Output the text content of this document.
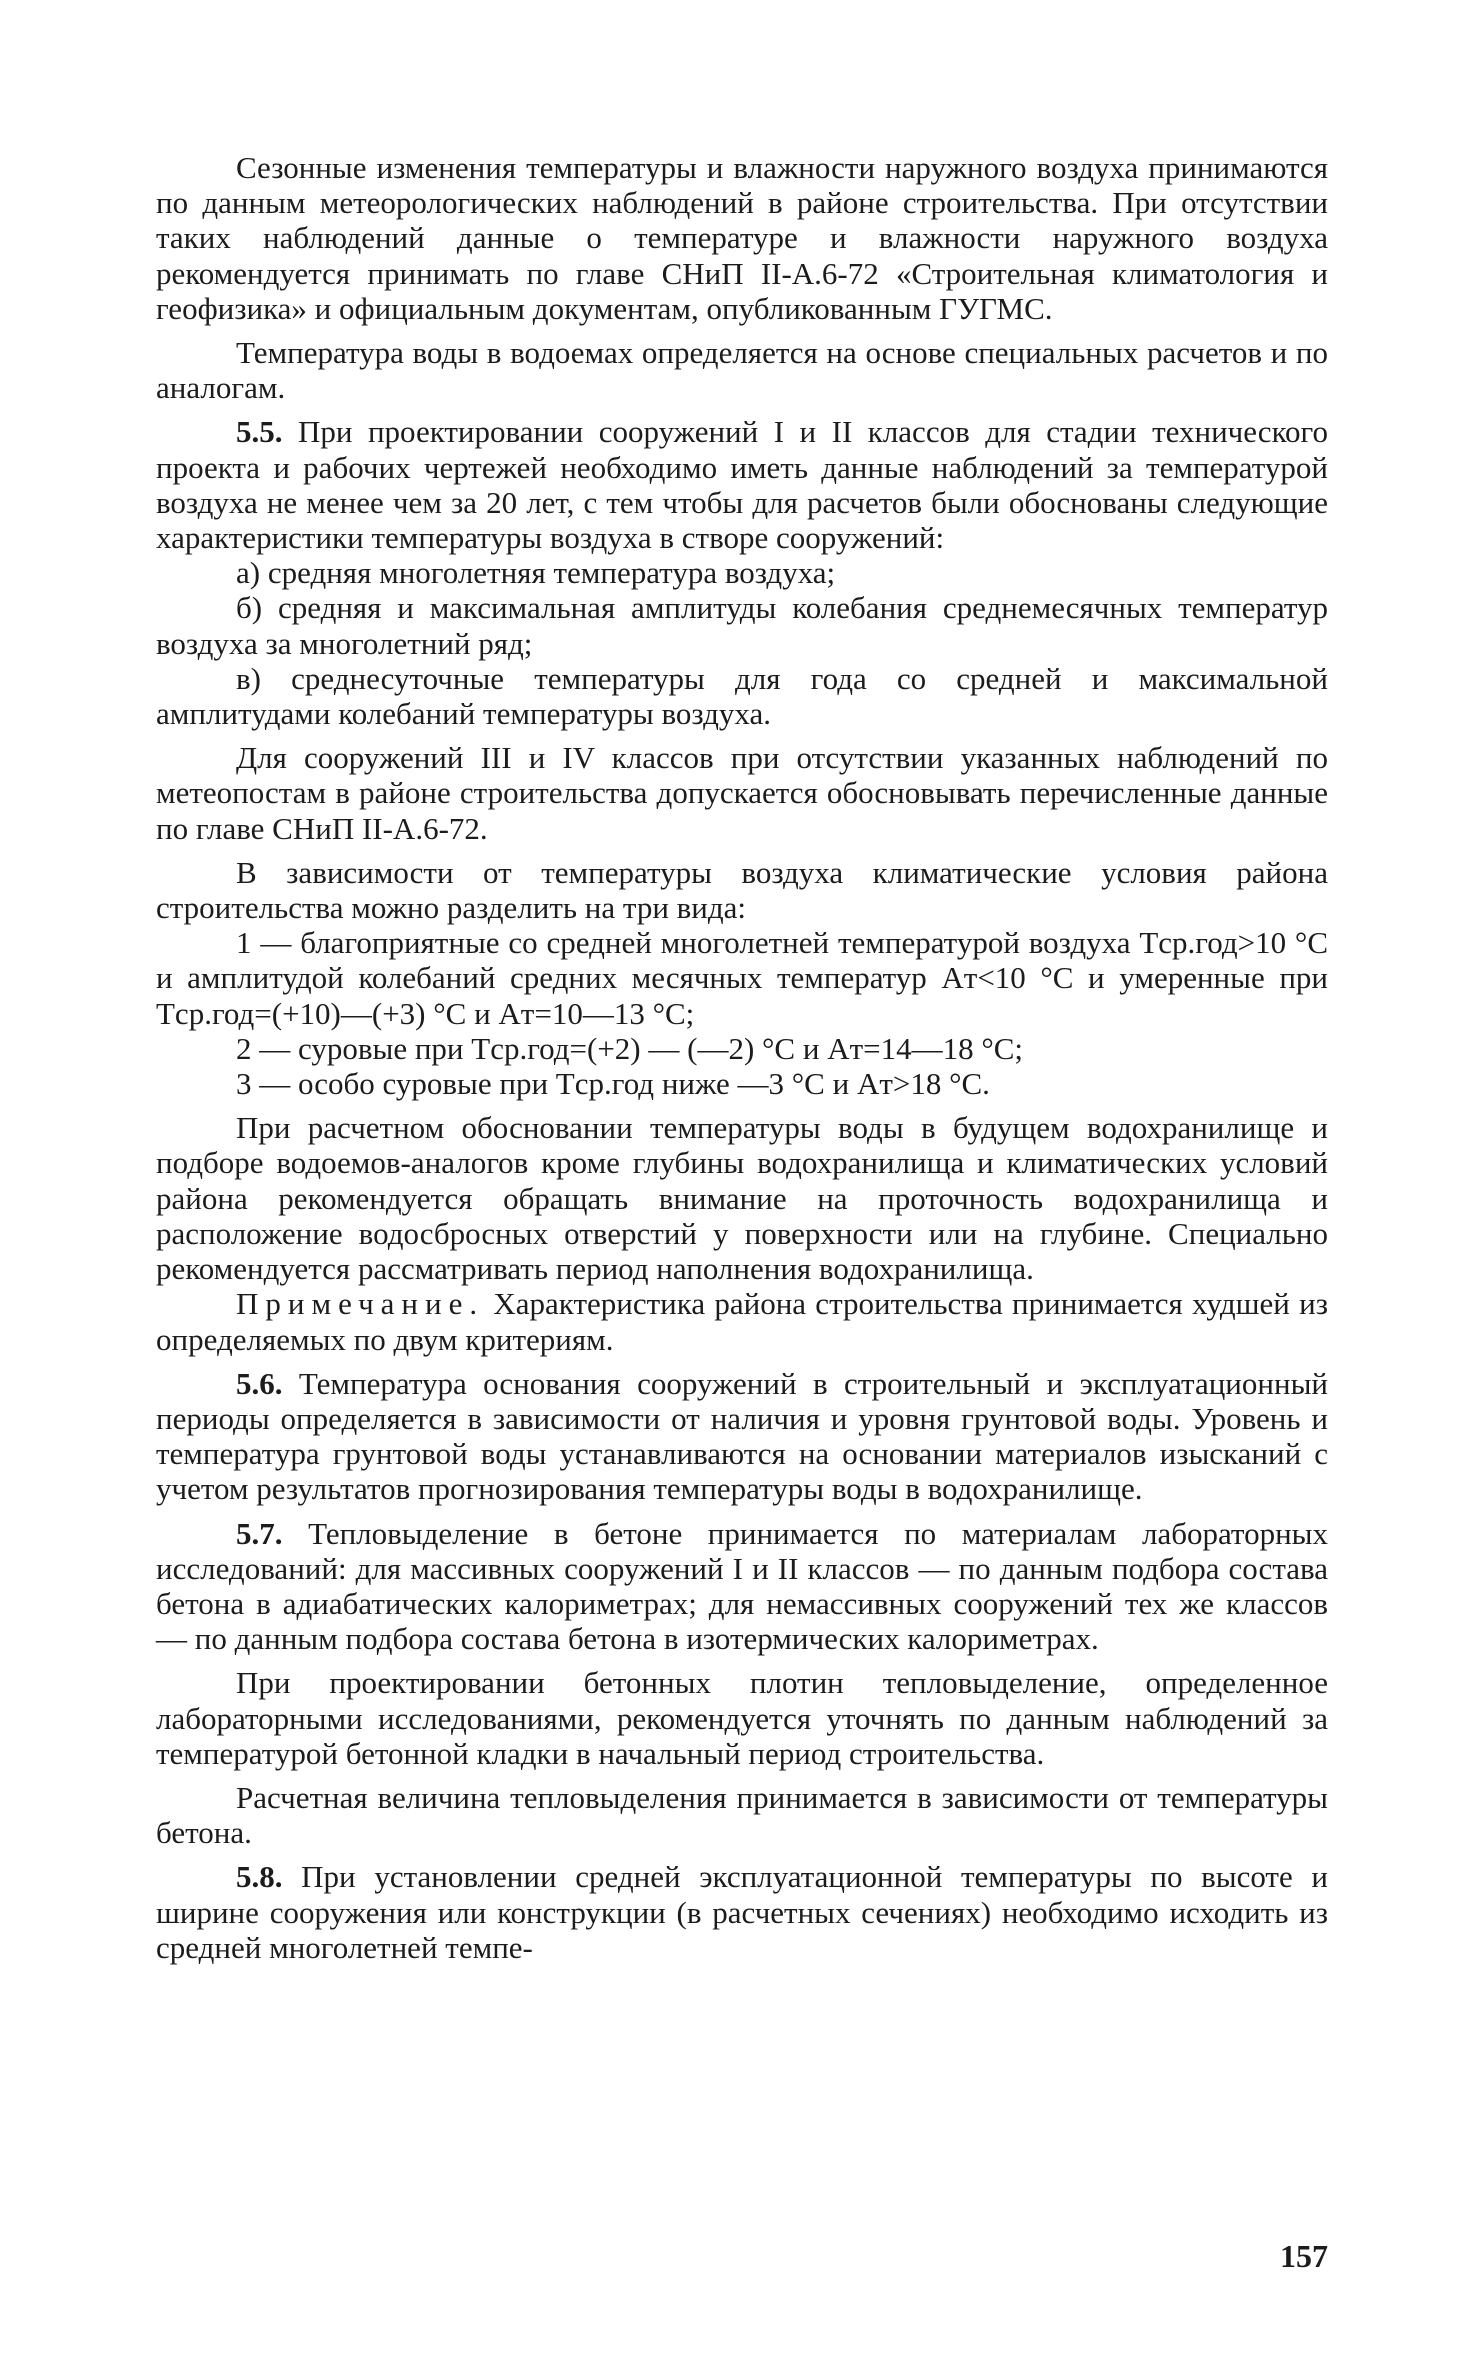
Сезонные изменения температуры и влажности наружного воздуха принимаются по данным метеорологических наблюдений в районе строительства. При отсутствии таких наблюдений данные о температуре и влажности наружного воздуха рекомендуется принимать по главе СНиП II-А.6-72 «Строительная климатология и геофизика» и официальным документам, опубликованным ГУГМС.

Температура воды в водоемах определяется на основе специальных расчетов и по аналогам.

5.5. При проектировании сооружений I и II классов для стадии технического проекта и рабочих чертежей необходимо иметь данные наблюдений за температурой воздуха не менее чем за 20 лет, с тем чтобы для расчетов были обоснованы следующие характеристики температуры воздуха в створе сооружений:

а) средняя многолетняя температура воздуха;

б) средняя и максимальная амплитуды колебания среднемесячных температур воздуха за многолетний ряд;

в) среднесуточные температуры для года со средней и максимальной амплитудами колебаний температуры воздуха.

Для сооружений III и IV классов при отсутствии указанных наблюдений по метеопостам в районе строительства допускается обосновывать перечисленные данные по главе СНиП II-А.6-72.

В зависимости от температуры воздуха климатические условия района строительства можно разделить на три вида:

1 — благоприятные со средней многолетней температурой воздуха Tср.год>10 °С и амплитудой колебаний средних месячных температур Aт<10 °С и умеренные при Tср.год=(+10)—(+3) °С и Aт=10—13 °С;

2 — суровые при Tср.год=(+2) — (—2) °С и Aт=14—18 °С;

3 — особо суровые при Tср.год ниже —3 °С и Aт>18 °С.

При расчетном обосновании температуры воды в будущем водохранилище и подборе водоемов-аналогов кроме глубины водохранилища и климатических условий района рекомендуется обращать внимание на проточность водохранилища и расположение водосбросных отверстий у поверхности или на глубине. Специально рекомендуется рассматривать период наполнения водохранилища.

Примечание. Характеристика района строительства принимается худшей из определяемых по двум критериям.

5.6. Температура основания сооружений в строительный и эксплуатационный периоды определяется в зависимости от наличия и уровня грунтовой воды. Уровень и температура грунтовой воды устанавливаются на основании материалов изысканий с учетом результатов прогнозирования температуры воды в водохранилище.

5.7. Тепловыделение в бетоне принимается по материалам лабораторных исследований: для массивных сооружений I и II классов — по данным подбора состава бетона в адиабатических калориметрах; для немассивных сооружений тех же классов — по данным подбора состава бетона в изотермических калориметрах.

При проектировании бетонных плотин тепловыделение, определенное лабораторными исследованиями, рекомендуется уточнять по данным наблюдений за температурой бетонной кладки в начальный период строительства.

Расчетная величина тепловыделения принимается в зависимости от температуры бетона.

5.8. При установлении средней эксплуатационной температуры по высоте и ширине сооружения или конструкции (в расчетных сечениях) необходимо исходить из средней многолетней темпе-

157
